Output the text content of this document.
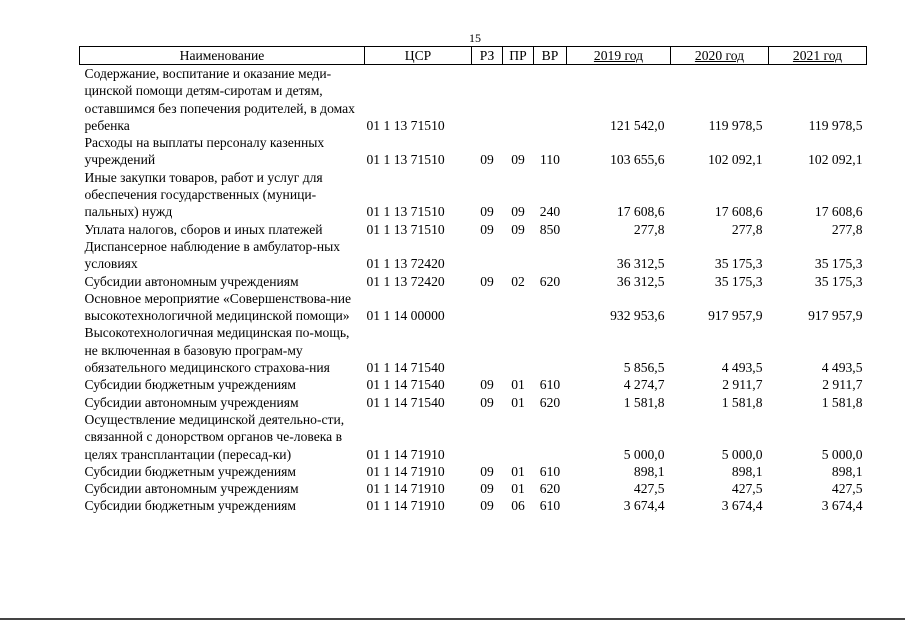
15
Наименование	ЦСР	РЗ	ПР	ВР	2019 год	2020 год	2021 год
Содержание, воспитание и оказание меди-цинской помощи детям-сиротам и детям, оставшимся без попечения родителей, в домах ребенка	01 1 13 71510				121 542,0	119 978,5	119 978,5
Расходы на выплаты персоналу казенных учреждений	01 1 13 71510	09	09	110	103 655,6	102 092,1	102 092,1
Иные закупки товаров, работ и услуг для обеспечения государственных (муници-пальных) нужд	01 1 13 71510	09	09	240	17 608,6	17 608,6	17 608,6
Уплата налогов, сборов и иных платежей	01 1 13 71510	09	09	850	277,8	277,8	277,8
Диспансерное наблюдение в амбулатор-ных условиях	01 1 13 72420				36 312,5	35 175,3	35 175,3
Субсидии автономным учреждениям	01 1 13 72420	09	02	620	36 312,5	35 175,3	35 175,3
Основное мероприятие «Совершенствова-ние высокотехнологичной медицинской помощи»	01 1 14 00000				932 953,6	917 957,9	917 957,9
Высокотехнологичная медицинская по-мощь, не включенная в базовую програм-му обязательного медицинского страхова-ния	01 1 14 71540				5 856,5	4 493,5	4 493,5
Субсидии бюджетным учреждениям	01 1 14 71540	09	01	610	4 274,7	2 911,7	2 911,7
Субсидии автономным учреждениям	01 1 14 71540	09	01	620	1 581,8	1 581,8	1 581,8
Осуществление медицинской деятельно-сти, связанной с донорством органов че-ловека в целях трансплантации (пересад-ки)	01 1 14 71910				5 000,0	5 000,0	5 000,0
Субсидии бюджетным учреждениям	01 1 14 71910	09	01	610	898,1	898,1	898,1
Субсидии автономным учреждениям	01 1 14 71910	09	01	620	427,5	427,5	427,5
Субсидии бюджетным учреждениям	01 1 14 71910	09	06	610	3 674,4	3 674,4	3 674,4
